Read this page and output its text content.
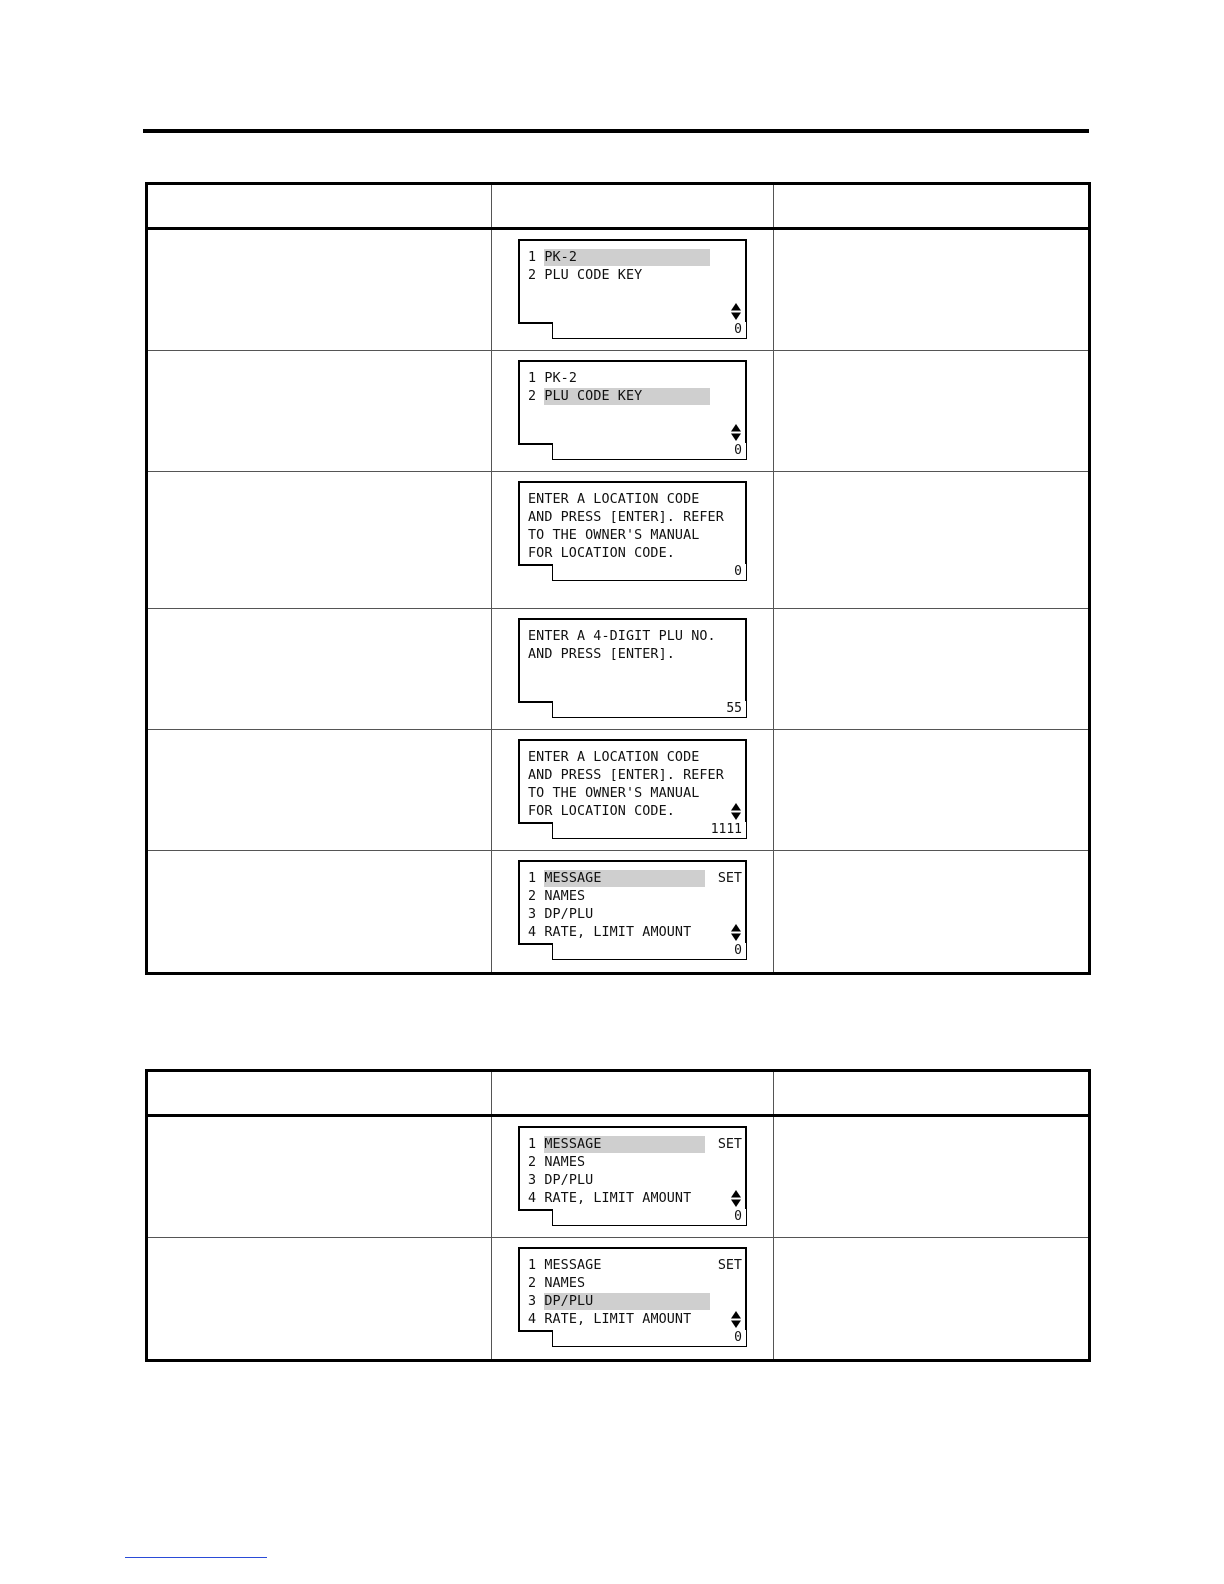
1 PK-2
2 PLU CODE KEY
0
1 PK-2
2 PLU CODE KEY
0
ENTER A LOCATION CODE
AND PRESS [ENTER]. REFER
TO THE OWNER'S MANUAL
FOR LOCATION CODE.
0
ENTER A 4-DIGIT PLU NO.
AND PRESS [ENTER].
55
ENTER A LOCATION CODE
AND PRESS [ENTER]. REFER
TO THE OWNER'S MANUAL
FOR LOCATION CODE.
1111
1 MESSAGE	SET
2 NAMES
3 DP/PLU
4 RATE, LIMIT AMOUNT
0
1 MESSAGE	SET
2 NAMES
3 DP/PLU
4 RATE, LIMIT AMOUNT
0
1 MESSAGE	SET
2 NAMES
3 DP/PLU
4 RATE, LIMIT AMOUNT
0
